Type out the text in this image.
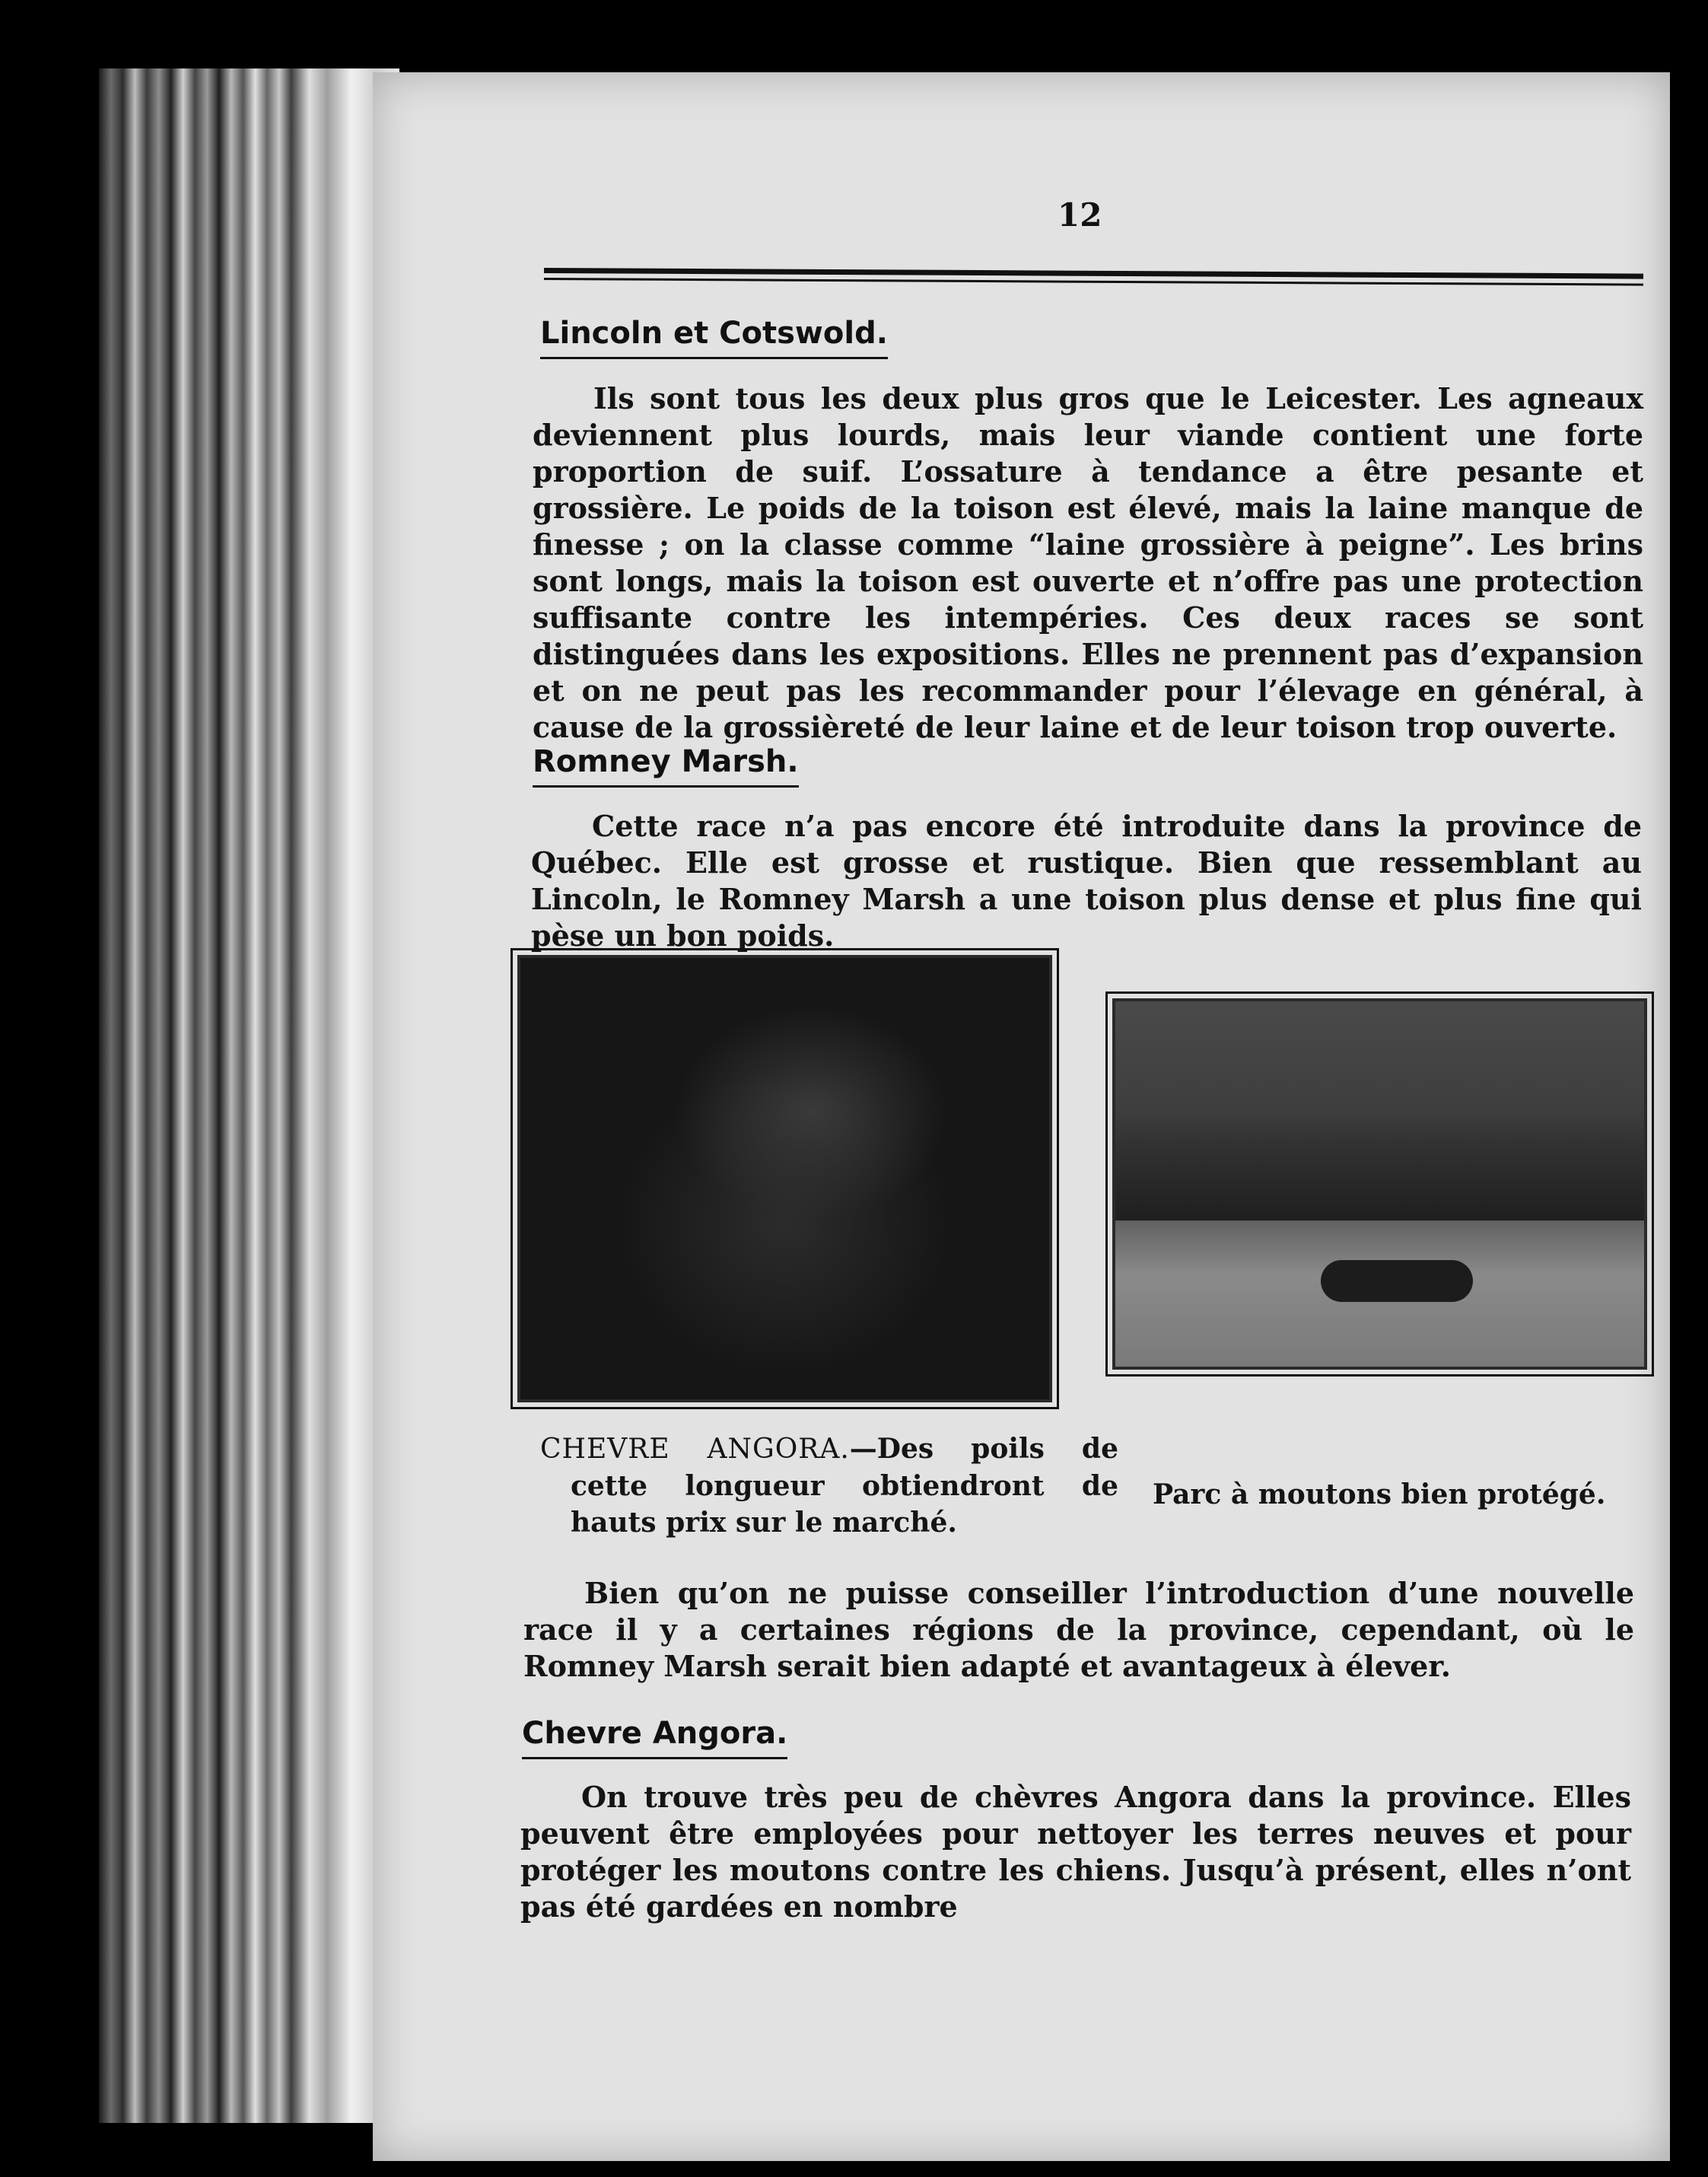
12
Lincoln et Cotswold.

Ils sont tous les deux plus gros que le Leicester. Les agneaux deviennent plus lourds, mais leur viande contient une forte proportion de suif. L’ossature à tendance a être pesante et grossière. Le poids de la toison est élevé, mais la laine manque de finesse ; on la classe comme “laine grossière à peigne”. Les brins sont longs, mais la toison est ouverte et n’offre pas une protection suffisante contre les intempéries. Ces deux races se sont distinguées dans les expositions. Elles ne prennent pas d’expansion et on ne peut pas les recommander pour l’élevage en général, à cause de la grossièreté de leur laine et de leur toison trop ouverte.

Romney Marsh.

Cette race n’a pas encore été introduite dans la province de Québec. Elle est grosse et rustique. Bien que ressemblant au Lincoln, le Romney Marsh a une toison plus dense et plus fine qui pèse un bon poids.

CHEVRE ANGORA.—Des poils de cette longueur obtiendront de hauts prix sur le marché.

Parc à moutons bien protégé.

Bien qu’on ne puisse conseiller l’introduction d’une nouvelle race il y a certaines régions de la province, cependant, où le Romney Marsh serait bien adapté et avantageux à élever.

Chevre Angora.

On trouve très peu de chèvres Angora dans la province. Elles peuvent être employées pour nettoyer les terres neuves et pour protéger les moutons contre les chiens. Jusqu’à présent, elles n’ont pas été gardées en nombre
